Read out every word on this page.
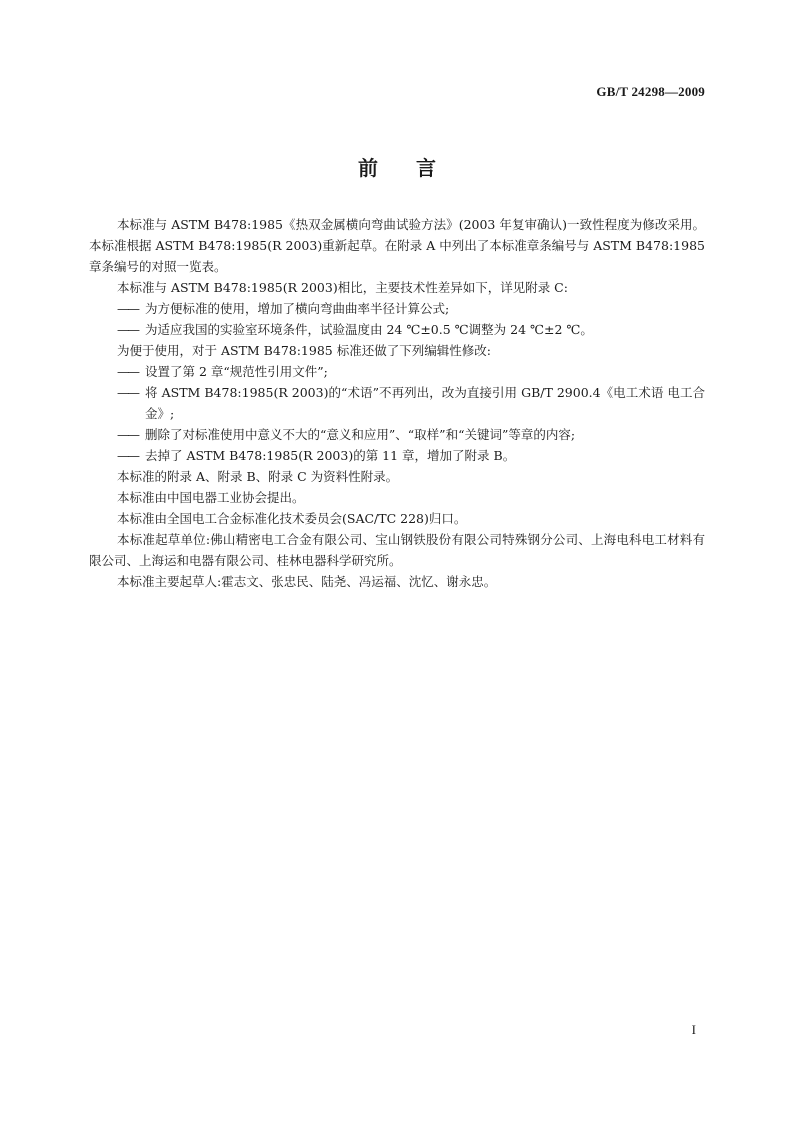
GB/T 24298—2009
前言

本标准与 ASTM B478:1985《热双金属横向弯曲试验方法》(2003 年复审确认)一致性程度为修改采用。本标准根据 ASTM B478:1985(R 2003)重新起草。在附录 A 中列出了本标准章条编号与 ASTM B478:1985 章条编号的对照一览表。

本标准与 ASTM B478:1985(R 2003)相比，主要技术性差异如下，详见附录 C:

—— 为方便标准的使用，增加了横向弯曲曲率半径计算公式;
—— 为适应我国的实验室环境条件，试验温度由 24 ℃±0.5 ℃调整为 24 ℃±2 ℃。

为便于使用，对于 ASTM B478:1985 标准还做了下列编辑性修改:

—— 设置了第 2 章“规范性引用文件”;
—— 将 ASTM B478:1985(R 2003)的“术语”不再列出，改为直接引用 GB/T 2900.4《电工术语 电工合金》;
—— 删除了对标准使用中意义不大的“意义和应用”、“取样”和“关键词”等章的内容;
—— 去掉了 ASTM B478:1985(R 2003)的第 11 章，增加了附录 B。

本标准的附录 A、附录 B、附录 C 为资料性附录。

本标准由中国电器工业协会提出。

本标准由全国电工合金标准化技术委员会(SAC/TC 228)归口。

本标准起草单位:佛山精密电工合金有限公司、宝山钢铁股份有限公司特殊钢分公司、上海电科电工材料有限公司、上海运和电器有限公司、桂林电器科学研究所。

本标准主要起草人:霍志文、张忠民、陆尧、冯运福、沈忆、谢永忠。

I
